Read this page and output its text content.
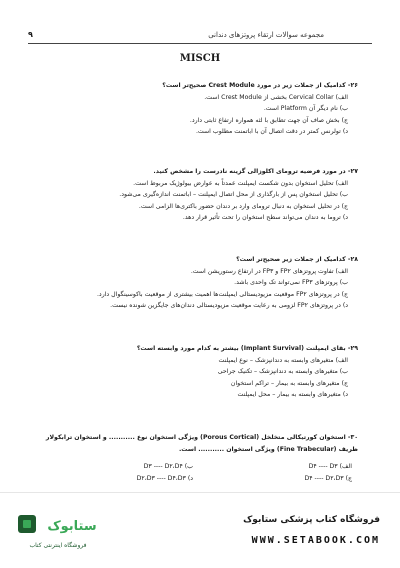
مجموعه سوالات ارتقاء پروتزهای دندانی
۹
MISCH
۲۶- کدامیک از جملات زیر در مورد Crest Module صحیح‌تر است؟
الف) Cervical Collar بخشی از Crest Module است.
ب) نام دیگر آن Platform است.
ج) بخش صاف آن جهت تطابق با لثه همواره ارتفاع ثابتی دارد.
د) تولرنس کمتر در دقت اتصال آن با اباتمنت مطلوب است.
۲۷- در مورد فرضیه ترومای اکلوزالی گزینه نادرست را مشخص کنید.
الف) تحلیل استخوان بدون شکست ایمپلنت عمدتاً به عوارض بیولوژیک مربوط است.
ب) تحلیل استخوان پس از بارگذاری از محل اتصال ایمپلنت – اباتمنت اندازه‌گیری می‌شود.
ج) در تحلیل استخوان به دنبال ترومای وارد بر دندان حضور باکتری‌ها الزامی است.
د) تروما به دندان می‌تواند سطح استخوان را تحت تأثیر قرار دهد.
۲۸- کدامیک از جملات زیر صحیح‌تر است؟
الف) تفاوت پروتزهای FP۲ و FP۳ در ارتفاع رستوریشن است.
ب) پروتزهای FP۳ نمی‌تواند تک واحدی باشد.
ج) در پروتزهای FP۲ موقعیت مزیودیستالی ایمپلنت‌ها اهمیت بیشتری از موقعیت باکوسینگوال دارد.
د) در پروتزهای FP۲ لزومی به رعایت موقعیت مزیودیستالی دندان‌های جایگزین شونده نیست.
۲۹- بقای ایمپلنت (Implant Survival) بیشتر به کدام مورد وابسته است؟
الف) متغیرهای وابسته به دندانپزشک – نوع ایمپلنت
ب) متغیرهای وابسته به دندانپزشک – تکنیک جراحی
ج) متغیرهای وابسته به بیمار – تراکم استخوان
د) متغیرهای وابسته به بیمار – محل ایمپلنت
۳۰- استخوان کورتیکالی متخلخل (Porous Cortical) ویژگی استخوان نوع ........... و استخوان ترابکولار ظریف (Fine Trabecular) ویژگی استخوان ........... است.
الف) D۴ ---- D۳
ب) D۳ ---- D۲،D۴
ج) D۴ ---- D۲،D۳
د) D۲،D۳ ---- D۴،D۳
ستابوک
فروشگاه اینترنتی کتاب
فروشگاه کتاب پزشکی ستابوک
WWW.SETABOOK.COM
